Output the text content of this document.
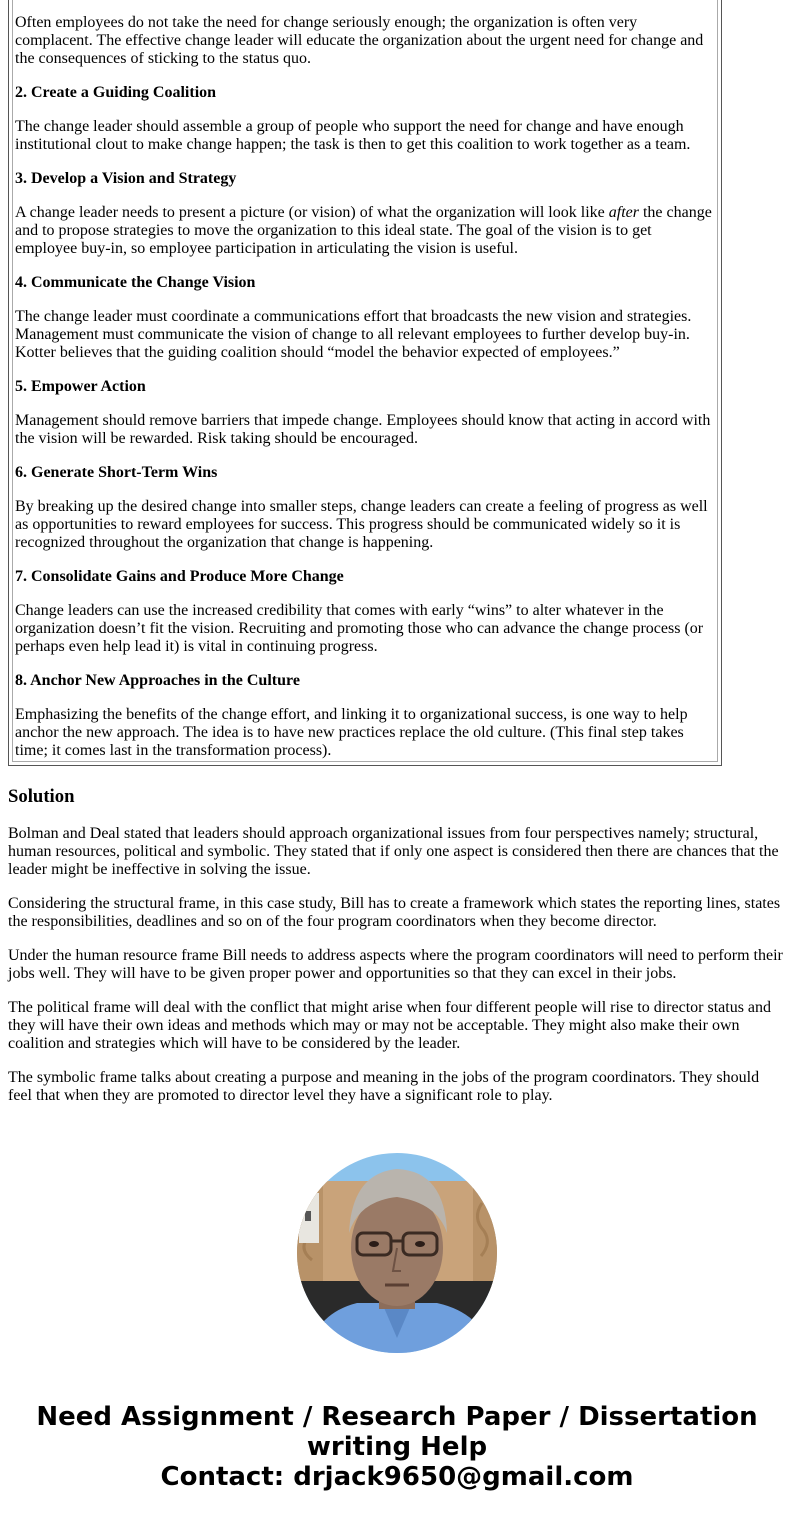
Often employees do not take the need for change seriously enough; the organization is often very complacent. The effective change leader will educate the organization about the urgent need for change and the consequences of sticking to the status quo.

2. Create a Guiding Coalition

The change leader should assemble a group of people who support the need for change and have enough institutional clout to make change happen; the task is then to get this coalition to work together as a team.

3. Develop a Vision and Strategy

A change leader needs to present a picture (or vision) of what the organization will look like after the change and to propose strategies to move the organization to this ideal state. The goal of the vision is to get employee buy-in, so employee participation in articulating the vision is useful.

4. Communicate the Change Vision

The change leader must coordinate a communications effort that broadcasts the new vision and strategies. Management must communicate the vision of change to all relevant employees to further develop buy-in. Kotter believes that the guiding coalition should “model the behavior expected of employees.”

5. Empower Action

Management should remove barriers that impede change. Employees should know that acting in accord with the vision will be rewarded. Risk taking should be encouraged.

6. Generate Short-Term Wins

By breaking up the desired change into smaller steps, change leaders can create a feeling of progress as well as opportunities to reward employees for success. This progress should be communicated widely so it is recognized throughout the organization that change is happening.

7. Consolidate Gains and Produce More Change

Change leaders can use the increased credibility that comes with early “wins” to alter whatever in the organization doesn’t fit the vision. Recruiting and promoting those who can advance the change process (or perhaps even help lead it) is vital in continuing progress.

8. Anchor New Approaches in the Culture

Emphasizing the benefits of the change effort, and linking it to organizational success, is one way to help anchor the new approach. The idea is to have new practices replace the old culture. (This final step takes time; it comes last in the transformation process).

Solution

Bolman and Deal stated that leaders should approach organizational issues from four perspectives namely; structural, human resources, political and symbolic. They stated that if only one aspect is considered then there are chances that the leader might be ineffective in solving the issue.

Considering the structural frame, in this case study, Bill has to create a framework which states the reporting lines, states the responsibilities, deadlines and so on of the four program coordinators when they become director.

Under the human resource frame Bill needs to address aspects where the program coordinators will need to perform their jobs well. They will have to be given proper power and opportunities so that they can excel in their jobs.

The political frame will deal with the conflict that might arise when four different people will rise to director status and they will have their own ideas and methods which may or may not be acceptable. They might also make their own coalition and strategies which will have to be considered by the leader.

The symbolic frame talks about creating a purpose and meaning in the jobs of the program coordinators. They should feel that when they are promoted to director level they have a significant role to play.

Need Assignment / Research Paper / Dissertation
writing Help
Contact: drjack9650@gmail.com
